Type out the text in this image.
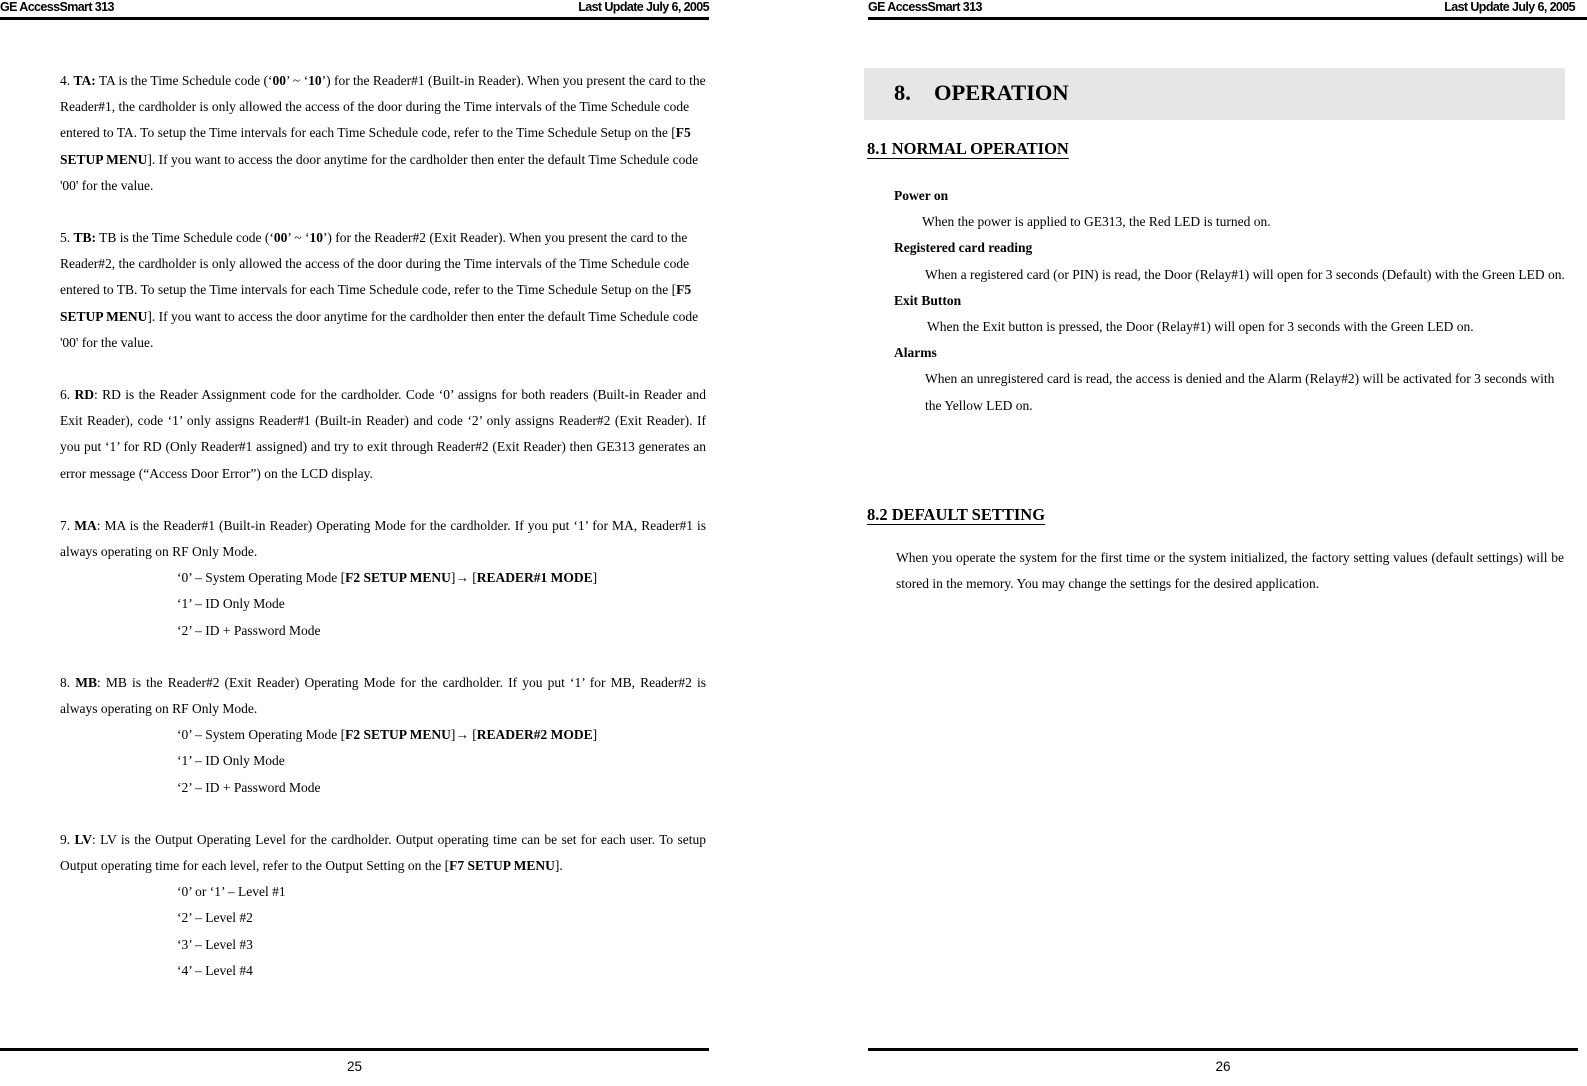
GE AccessSmart 313	Last Update July 6, 2005

4. TA: TA is the Time Schedule code (‘00’ ~ ‘10’) for the Reader#1 (Built-in Reader). When you present the card to the Reader#1, the cardholder is only allowed the access of the door during the Time intervals of the Time Schedule code entered to TA. To setup the Time intervals for each Time Schedule code, refer to the Time Schedule Setup on the [F5 SETUP MENU]. If you want to access the door anytime for the cardholder then enter the default Time Schedule code '00' for the value.

5. TB: TB is the Time Schedule code (‘00’ ~ ‘10’) for the Reader#2 (Exit Reader). When you present the card to the Reader#2, the cardholder is only allowed the access of the door during the Time intervals of the Time Schedule code entered to TB. To setup the Time intervals for each Time Schedule code, refer to the Time Schedule Setup on the [F5 SETUP MENU]. If you want to access the door anytime for the cardholder then enter the default Time Schedule code '00' for the value.

6. RD: RD is the Reader Assignment code for the cardholder. Code ‘0’ assigns for both readers (Built-in Reader and Exit Reader), code ‘1’ only assigns Reader#1 (Built-in Reader) and code ‘2’ only assigns Reader#2 (Exit Reader). If you put ‘1’ for RD (Only Reader#1 assigned) and try to exit through Reader#2 (Exit Reader) then GE313 generates an error message (“Access Door Error”) on the LCD display.

7. MA: MA is the Reader#1 (Built-in Reader) Operating Mode for the cardholder. If you put ‘1’ for MA, Reader#1 is always operating on RF Only Mode.
‘0’ – System Operating Mode [F2 SETUP MENU]→ [READER#1 MODE]
‘1’ – ID Only Mode
‘2’ – ID + Password Mode
8. MB: MB is the Reader#2 (Exit Reader) Operating Mode for the cardholder. If you put ‘1’ for MB, Reader#2 is always operating on RF Only Mode.
‘0’ – System Operating Mode [F2 SETUP MENU]→ [READER#2 MODE]
‘1’ – ID Only Mode
‘2’ – ID + Password Mode
9. LV: LV is the Output Operating Level for the cardholder. Output operating time can be set for each user. To setup Output operating time for each level, refer to the Output Setting on the [F7 SETUP MENU].
‘0’ or ‘1’ – Level #1
‘2’ – Level #2
‘3’ – Level #3
‘4’ – Level #4
25
GE AccessSmart 313	Last Update July 6, 2005
8. OPERATION
8.1 NORMAL OPERATION
Power on
When the power is applied to GE313, the Red LED is turned on.
Registered card reading
When a registered card (or PIN) is read, the Door (Relay#1) will open for 3 seconds (Default) with the Green LED on.
Exit Button
When the Exit button is pressed, the Door (Relay#1) will open for 3 seconds with the Green LED on.
Alarms
When an unregistered card is read, the access is denied and the Alarm (Relay#2) will be activated for 3 seconds with the Yellow LED on.
8.2 DEFAULT SETTING
When you operate the system for the first time or the system initialized, the factory setting values (default settings) will be stored in the memory. You may change the settings for the desired application.
26
